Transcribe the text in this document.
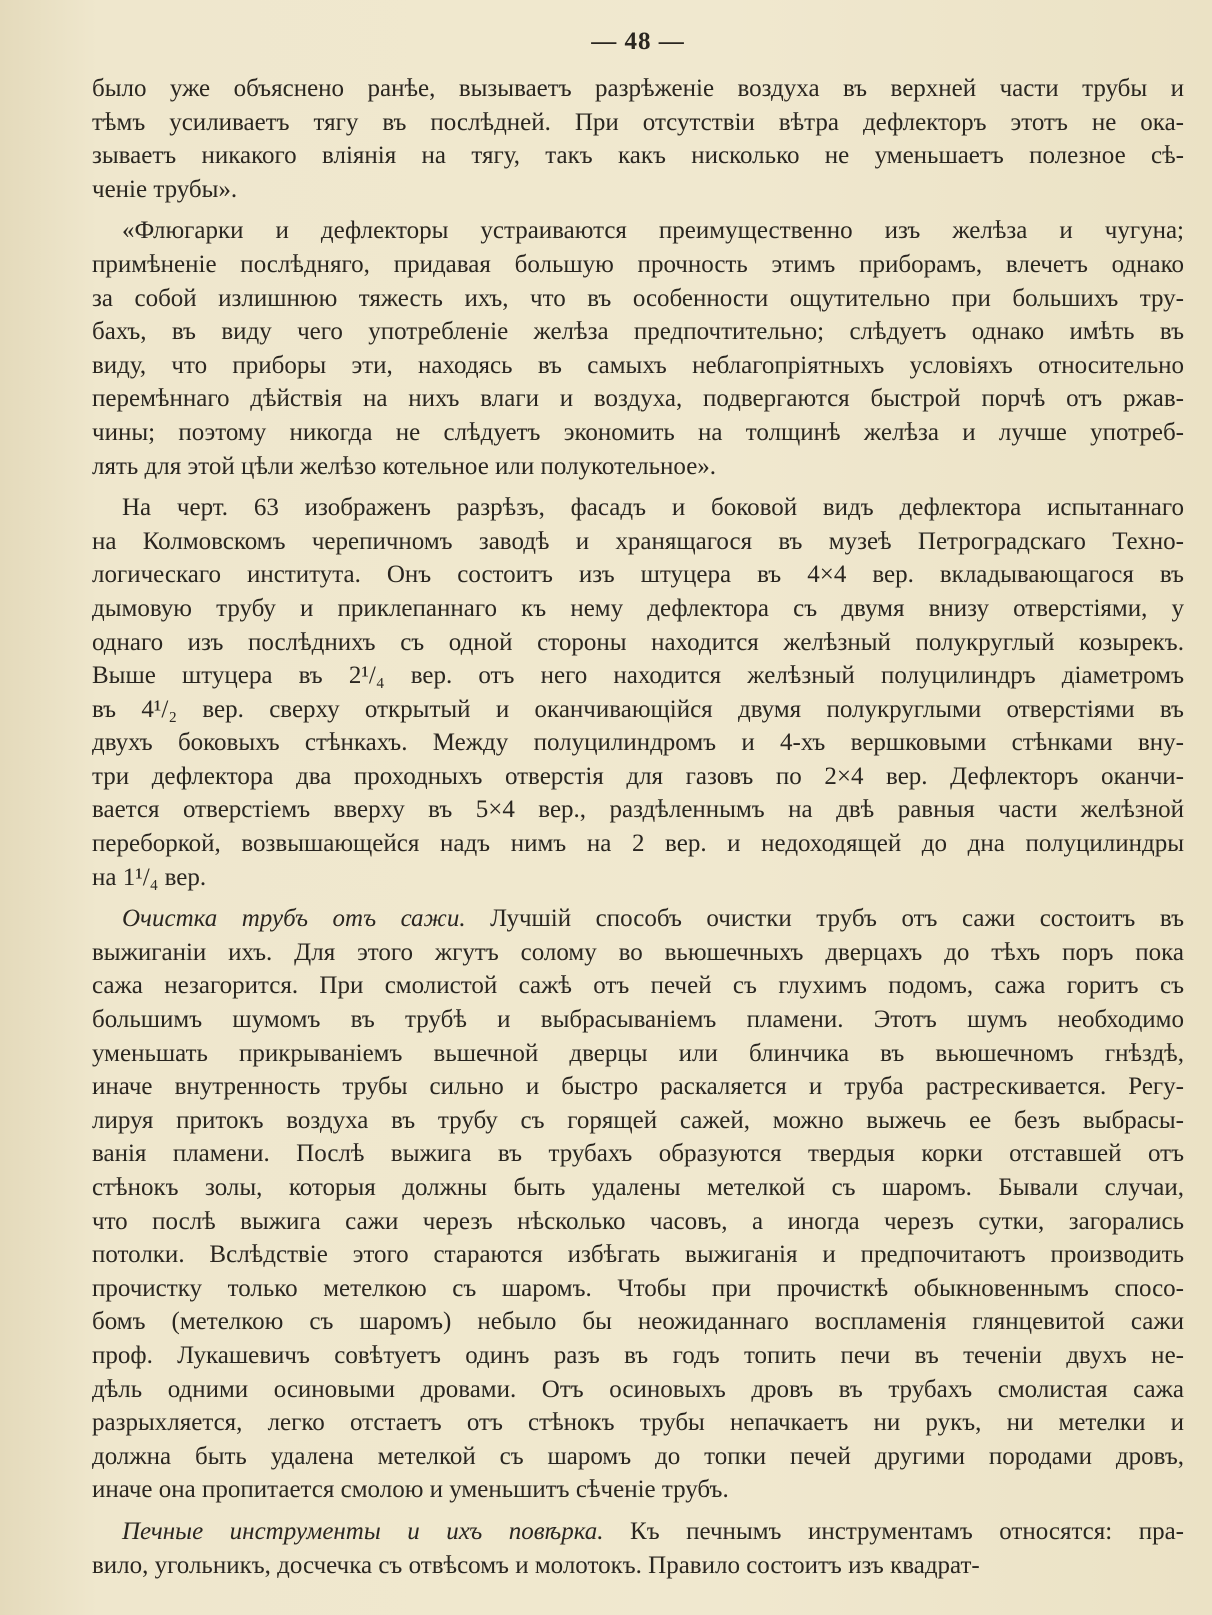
— 48 —
было уже объяснено ранѣе, вызываетъ разрѣженіе воздуха въ верхней части трубы и
тѣмъ усиливаетъ тягу въ послѣдней. При отсутствіи вѣтра дефлекторъ этотъ не ока-
зываетъ никакого вліянія на тягу, такъ какъ нисколько не уменьшаетъ полезное сѣ-
ченіе трубы».
«Флюгарки и дефлекторы устраиваются преимущественно изъ желѣза и чугуна;
примѣненіе послѣдняго, придавая большую прочность этимъ приборамъ, влечетъ однако
за собой излишнюю тяжесть ихъ, что въ особенности ощутительно при большихъ тру-
бахъ, въ виду чего употребленіе желѣза предпочтительно; слѣдуетъ однако имѣть въ
виду, что приборы эти, находясь въ самыхъ неблагопріятныхъ условіяхъ относительно
перемѣннаго дѣйствія на нихъ влаги и воздуха, подвергаются быстрой порчѣ отъ ржав-
чины; поэтому никогда не слѣдуетъ экономить на толщинѣ желѣза и лучше употреб-
лять для этой цѣли желѣзо котельное или полукотельное».
На черт. 63 изображенъ разрѣзъ, фасадъ и боковой видъ дефлектора испытаннаго
на Колмовскомъ черепичномъ заводѣ и хранящагося въ музеѣ Петроградскаго Техно-
логическаго института. Онъ состоитъ изъ штуцера въ 4×4 вер. вкладывающагося въ
дымовую трубу и приклепаннаго къ нему дефлектора съ двумя внизу отверстіями, у
однаго изъ послѣднихъ съ одной стороны находится желѣзный полукруглый козырекъ.
Выше штуцера въ 2¹/₄ вер. отъ него находится желѣзный полуцилиндръ діаметромъ
въ 4¹/₂ вер. сверху открытый и оканчивающійся двумя полукруглыми отверстіями въ
двухъ боковыхъ стѣнкахъ. Между полуцилиндромъ и 4-хъ вершковыми стѣнками вну-
три дефлектора два проходныхъ отверстія для газовъ по 2×4 вер. Дефлекторъ оканчи-
вается отверстіемъ вверху въ 5×4 вер., раздѣленнымъ на двѣ равныя части желѣзной
переборкой, возвышающейся надъ нимъ на 2 вер. и недоходящей до дна полуцилиндры
на 1¹/₄ вер.
Очистка трубъ отъ сажи. Лучшій способъ очистки трубъ отъ сажи состоитъ въ
выжиганіи ихъ. Для этого жгутъ солому во вьюшечныхъ дверцахъ до тѣхъ поръ пока
сажа незагорится. При смолистой сажѣ отъ печей съ глухимъ подомъ, сажа горитъ съ
большимъ шумомъ въ трубѣ и выбрасываніемъ пламени. Этотъ шумъ необходимо
уменьшать прикрываніемъ вьшечной дверцы или блинчика въ вьюшечномъ гнѣздѣ,
иначе внутренность трубы сильно и быстро раскаляется и труба растрескивается. Регу-
лируя притокъ воздуха въ трубу съ горящей сажей, можно выжечь ее безъ выбрасы-
ванія пламени. Послѣ выжига въ трубахъ образуются твердыя корки отставшей отъ
стѣнокъ золы, которыя должны быть удалены метелкой съ шаромъ. Бывали случаи,
что послѣ выжига сажи черезъ нѣсколько часовъ, а иногда черезъ сутки, загорались
потолки. Вслѣдствіе этого стараются избѣгать выжиганія и предпочитаютъ производить
прочистку только метелкою съ шаромъ. Чтобы при прочисткѣ обыкновеннымъ спосо-
бомъ (метелкою съ шаромъ) небыло бы неожиданнаго воспламенія глянцевитой сажи
проф. Лукашевичъ совѣтуетъ одинъ разъ въ годъ топить печи въ теченіи двухъ не-
дѣль одними осиновыми дровами. Отъ осиновыхъ дровъ въ трубахъ смолистая сажа
разрыхляется, легко отстаетъ отъ стѣнокъ трубы непачкаетъ ни рукъ, ни метелки и
должна быть удалена метелкой съ шаромъ до топки печей другими породами дровъ,
иначе она пропитается смолою и уменьшитъ сѣченіе трубъ.
Печные инструменты и ихъ повѣрка. Къ печнымъ инструментамъ относятся: пра-
вило, угольникъ, досчечка съ отвѣсомъ и молотокъ. Правило состоитъ изъ квадрат-
